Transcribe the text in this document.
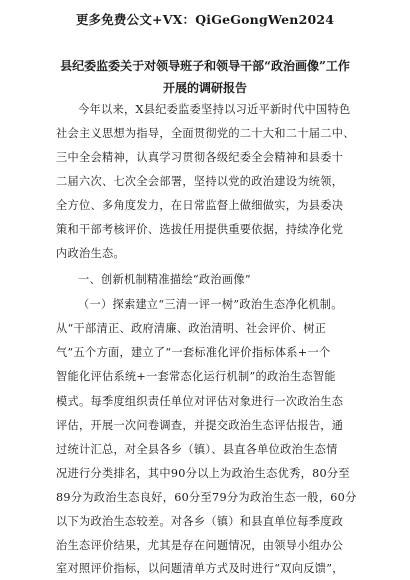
更多免费公文+VX：QiGeGongWen2024
县纪委监委关于对领导班子和领导干部“政治画像”工作
开展的调研报告
今年以来，X县纪委监委坚持以习近平新时代中国特色
社会主义思想为指导，全面贯彻党的二十大和二十届二中、
三中全会精神，认真学习贯彻各级纪委全会精神和县委十
二届六次、七次全会部署，坚持以党的政治建设为统领，
全方位、多角度发力，在日常监督上做细做实，为县委决
策和干部考核评价、选拔任用提供重要依据，持续净化党
内政治生态。
一、创新机制精准描绘“政治画像”
（一）探索建立“三清一评一树”政治生态净化机制。
从“干部清正、政府清廉、政治清明、社会评价、树正
气”五个方面，建立了“一套标准化评价指标体系+一个
智能化评估系统+一套常态化运行机制”的政治生态智能
模式。每季度组织责任单位对评估对象进行一次政治生态
评估，开展一次问卷调查，并提交政治生态评估报告，通
过统计汇总，对全县各乡（镇）、县直各单位政治生态情
况进行分类排名，其中90分以上为政治生态优秀，80分至
89分为政治生态良好，60分至79分为政治生态一般，60分
以下为政治生态较差。对各乡（镇）和县直单位每季度政
治生态评价结果，尤其是存在问题情况，由领导小组办公
室对照评价指标，以问题清单方式及时进行“双向反馈”，
